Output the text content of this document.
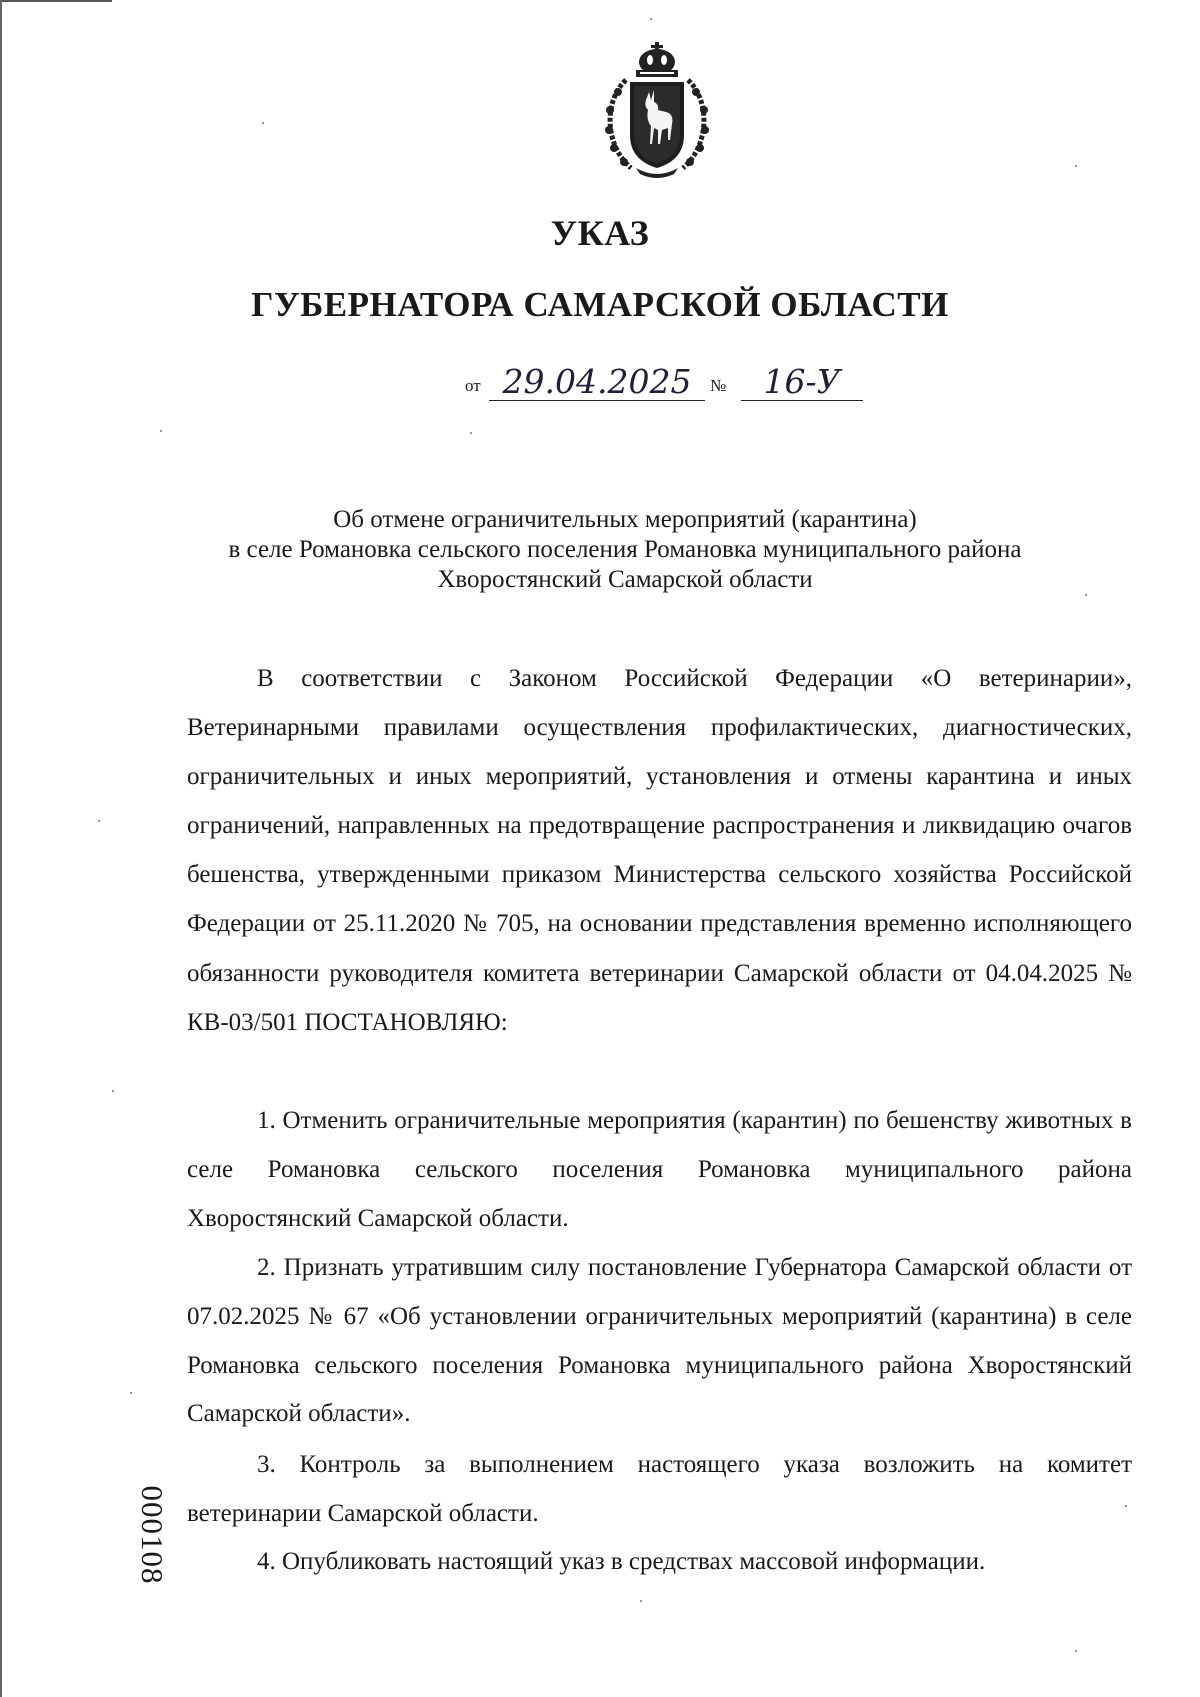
УКАЗ
ГУБЕРНАТОРА САМАРСКОЙ ОБЛАСТИ
от 29.04.2025	№	16-У

Об отмене ограничительных мероприятий (карантина)
в селе Романовка сельского поселения Романовка муниципального района
Хворостянский Самарской области

В соответствии с Законом Российской Федерации «О ветеринарии», Ветеринарными правилами осуществления профилактических, диагностических, ограничительных и иных мероприятий, установления и отмены карантина и иных ограничений, направленных на предотвращение распространения и ликвидацию очагов бешенства, утвержденными приказом Министерства сельского хозяйства Российской Федерации от 25.11.2020 № 705, на основании представления временно исполняющего обязанности руководителя комитета ветеринарии Самарской области от 04.04.2025 № КВ-03/501 ПОСТАНОВЛЯЮ:

1. Отменить ограничительные мероприятия (карантин) по бешенству животных в селе Романовка сельского поселения Романовка муниципального района Хворостянский Самарской области.

2. Признать утратившим силу постановление Губернатора Самарской области от 07.02.2025 № 67 «Об установлении ограничительных мероприятий (карантина) в селе Романовка сельского поселения Романовка муниципального района Хворостянский Самарской области».

3. Контроль за выполнением настоящего указа возложить на комитет ветеринарии Самарской области.

4. Опубликовать настоящий указ в средствах массовой информации.

000108
